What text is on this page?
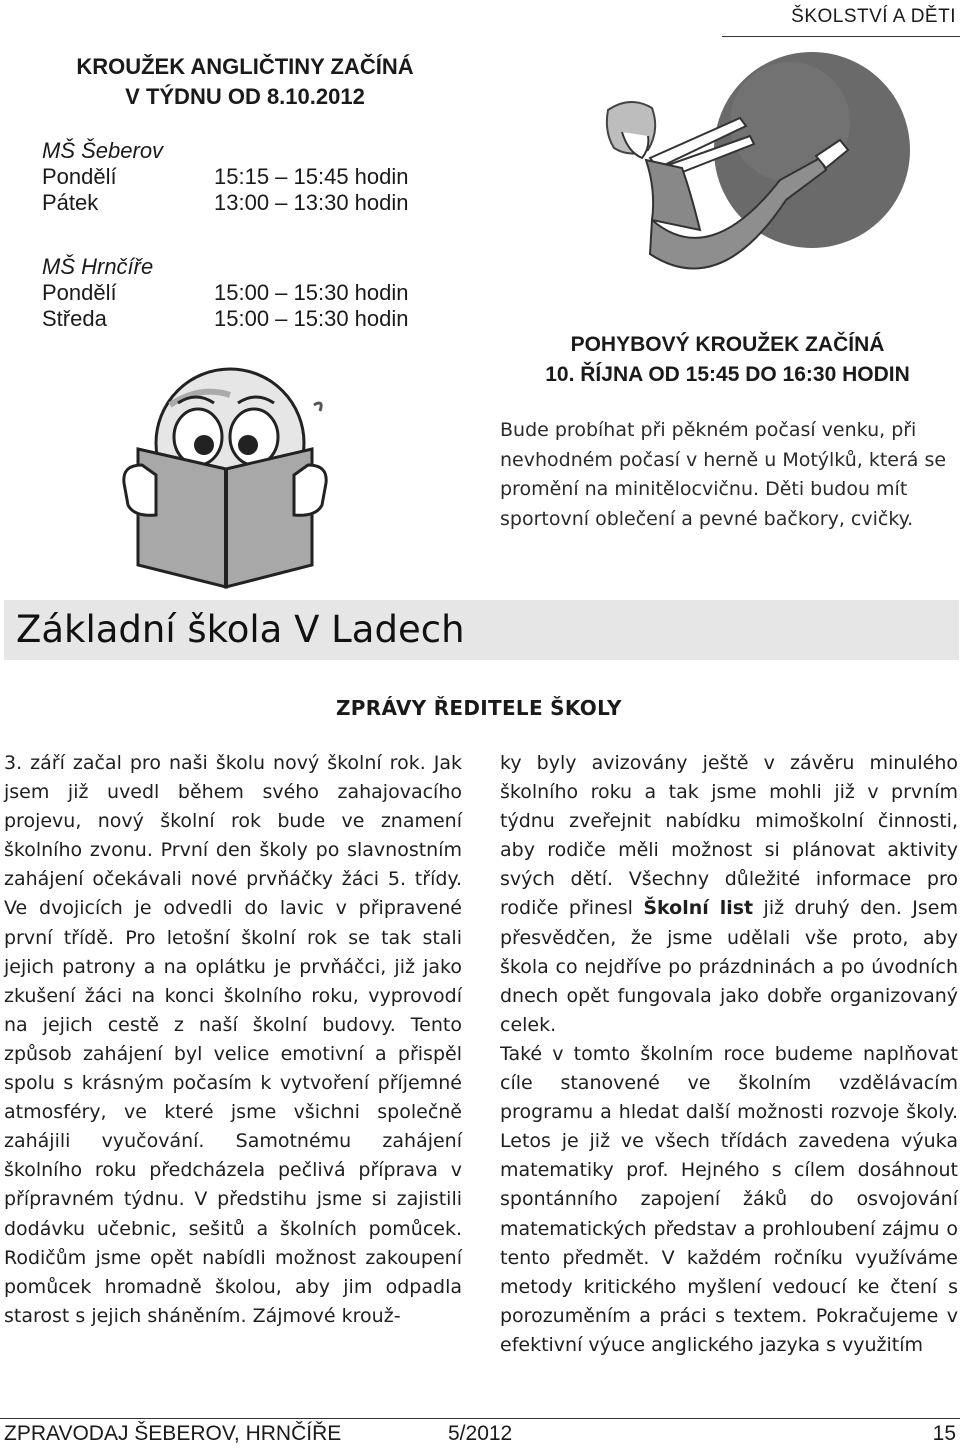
ŠKOLSTVÍ A DĚTI
KROUŽEK ANGLIČTINY ZAČÍNÁ
V TÝDNU OD 8.10.2012
MŠ Šeberov
Pondělí	15:15 – 15:45 hodin
Pátek	13:00 – 13:30 hodin
MŠ Hrnčíře
Pondělí	15:00 – 15:30 hodin
Středa	15:00 – 15:30 hodin
POHYBOVÝ KROUŽEK ZAČÍNÁ
10. ŘÍJNA OD 15:45 DO 16:30 HODIN
Bude probíhat při pěkném počasí venku, při nevhodném počasí v herně u Motýlků, která se promění na minitělocvičnu. Děti budou mít sportovní oblečení a pevné bačkory, cvičky.
Základní škola V Ladech
ZPRÁVY ŘEDITELE ŠKOLY

3. září začal pro naši školu nový školní rok. Jak jsem již uvedl během svého zahajovacího projevu, nový školní rok bude ve znamení školního zvonu. První den školy po slavnostním zahájení očekávali nové prvňáčky žáci 5. třídy. Ve dvojicích je odvedli do lavic v připravené první třídě. Pro letošní školní rok se tak stali jejich patrony a na oplátku je prvňáčci, již jako zkušení žáci na konci školního roku, vyprovodí na jejich cestě z naší školní budovy. Tento způsob zahájení byl velice emotivní a přispěl spolu s krásným počasím k vytvoření příjemné atmosféry, ve které jsme všichni společně zahájili vyučování. Samotnému zahájení školního roku předcházela pečlivá příprava v přípravném týdnu. V předstihu jsme si zajistili dodávku učebnic, sešitů a školních pomůcek. Rodičům jsme opět nabídli možnost zakoupení pomůcek hromadně školou, aby jim odpadla starost s jejich sháněním. Zájmové krouž-

ky byly avizovány ještě v závěru minulého školního roku a tak jsme mohli již v prvním týdnu zveřejnit nabídku mimoškolní činnosti, aby rodiče měli možnost si plánovat aktivity svých dětí. Všechny důležité informace pro rodiče přinesl Školní list již druhý den. Jsem přesvědčen, že jsme udělali vše proto, aby škola co nejdříve po prázdninách a po úvodních dnech opět fungovala jako dobře organizovaný celek.

Také v tomto školním roce budeme naplňovat cíle stanovené ve školním vzdělávacím programu a hledat další možnosti rozvoje školy. Letos je již ve všech třídách zavedena výuka matematiky prof. Hejného s cílem dosáhnout spontánního zapojení žáků do osvojování matematických představ a prohloubení zájmu o tento předmět. V každém ročníku využíváme metody kritického myšlení vedoucí ke čtení s porozuměním a práci s textem. Pokračujeme v efektivní výuce anglického jazyka s využitím

ZPRAVODAJ ŠEBEROV, HRNČÍŘE	5/2012	15
